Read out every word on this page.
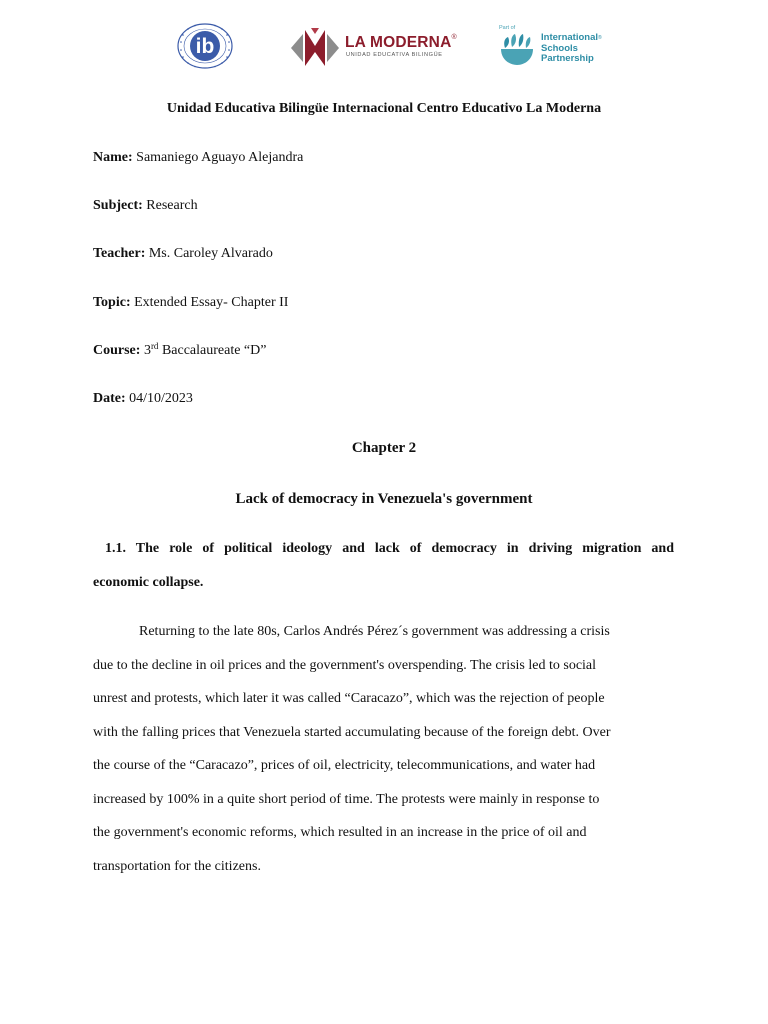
ib	LA MODERNA®
UNIDAD EDUCATIVA BILINGÜE
Part of
International®
Schools
Partnership
Unidad Educativa Bilingüe Internacional Centro Educativo La Moderna
Name: Samaniego Aguayo Alejandra
Subject: Research
Teacher: Ms. Caroley Alvarado
Topic: Extended Essay- Chapter II
Course: 3rd Baccalaureate “D”
Date: 04/10/2023
Chapter 2
Lack of democracy in Venezuela's government
1.1. The role of political ideology and lack of democracy in driving migration and
economic collapse.
Returning to the late 80s, Carlos Andrés Pérez´s government was addressing a crisis
due to the decline in oil prices and the government's overspending. The crisis led to social
unrest and protests, which later it was called “Caracazo”, which was the rejection of people
with the falling prices that Venezuela started accumulating because of the foreign debt. Over
the course of the “Caracazo”, prices of oil, electricity, telecommunications, and water had
increased by 100% in a quite short period of time. The protests were mainly in response to
the government's economic reforms, which resulted in an increase in the price of oil and
transportation for the citizens.
